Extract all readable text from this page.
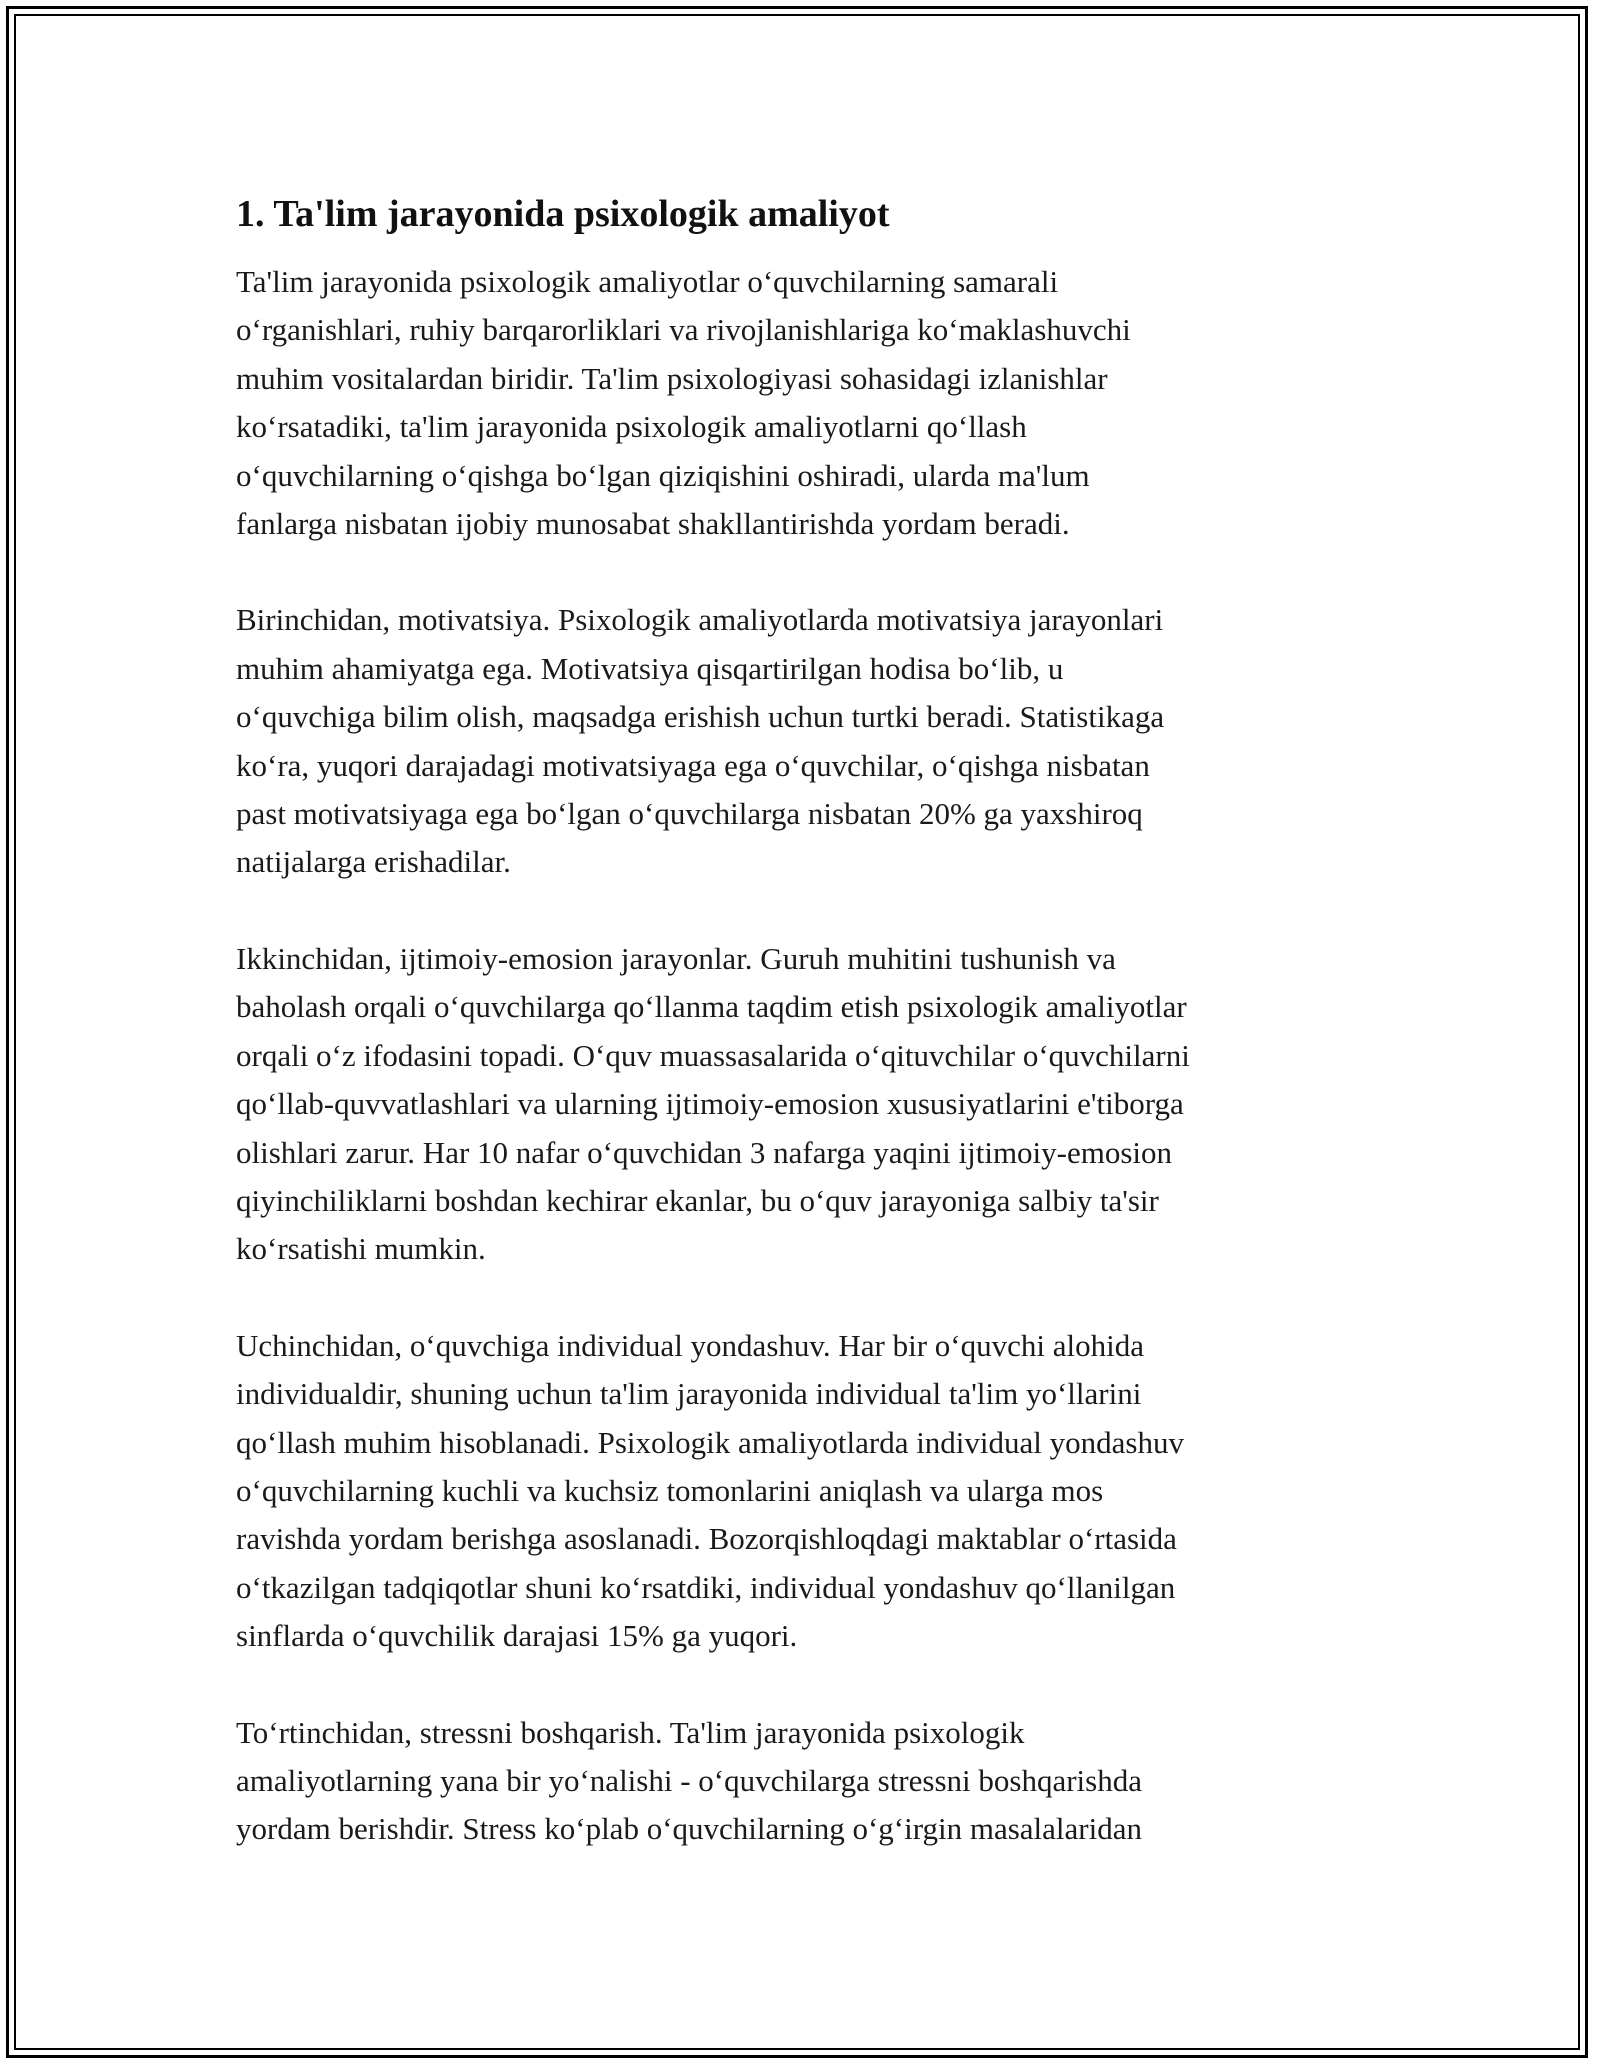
1. Ta'lim jarayonida psixologik amaliyot

Ta'lim jarayonida psixologik amaliyotlar o‘quvchilarning samarali
o‘rganishlari, ruhiy barqarorliklari va rivojlanishlariga ko‘maklashuvchi
muhim vositalardan biridir. Ta'lim psixologiyasi sohasidagi izlanishlar
ko‘rsatadiki, ta'lim jarayonida psixologik amaliyotlarni qo‘llash
o‘quvchilarning o‘qishga bo‘lgan qiziqishini oshiradi, ularda ma'lum
fanlarga nisbatan ijobiy munosabat shakllantirishda yordam beradi.

Birinchidan, motivatsiya. Psixologik amaliyotlarda motivatsiya jarayonlari
muhim ahamiyatga ega. Motivatsiya qisqartirilgan hodisa bo‘lib, u
o‘quvchiga bilim olish, maqsadga erishish uchun turtki beradi. Statistikaga
ko‘ra, yuqori darajadagi motivatsiyaga ega o‘quvchilar, o‘qishga nisbatan
past motivatsiyaga ega bo‘lgan o‘quvchilarga nisbatan 20% ga yaxshiroq
natijalarga erishadilar.

Ikkinchidan, ijtimoiy-emosion jarayonlar. Guruh muhitini tushunish va
baholash orqali o‘quvchilarga qo‘llanma taqdim etish psixologik amaliyotlar
orqali o‘z ifodasini topadi. O‘quv muassasalarida o‘qituvchilar o‘quvchilarni
qo‘llab-quvvatlashlari va ularning ijtimoiy-emosion xususiyatlarini e'tiborga
olishlari zarur. Har 10 nafar o‘quvchidan 3 nafarga yaqini ijtimoiy-emosion
qiyinchiliklarni boshdan kechirar ekanlar, bu o‘quv jarayoniga salbiy ta'sir
ko‘rsatishi mumkin.

Uchinchidan, o‘quvchiga individual yondashuv. Har bir o‘quvchi alohida
individualdir, shuning uchun ta'lim jarayonida individual ta'lim yo‘llarini
qo‘llash muhim hisoblanadi. Psixologik amaliyotlarda individual yondashuv
o‘quvchilarning kuchli va kuchsiz tomonlarini aniqlash va ularga mos
ravishda yordam berishga asoslanadi. Bozorqishloqdagi maktablar o‘rtasida
o‘tkazilgan tadqiqotlar shuni ko‘rsatdiki, individual yondashuv qo‘llanilgan
sinflarda o‘quvchilik darajasi 15% ga yuqori.

To‘rtinchidan, stressni boshqarish. Ta'lim jarayonida psixologik
amaliyotlarning yana bir yo‘nalishi - o‘quvchilarga stressni boshqarishda
yordam berishdir. Stress ko‘plab o‘quvchilarning o‘g‘irgin masalalaridan
